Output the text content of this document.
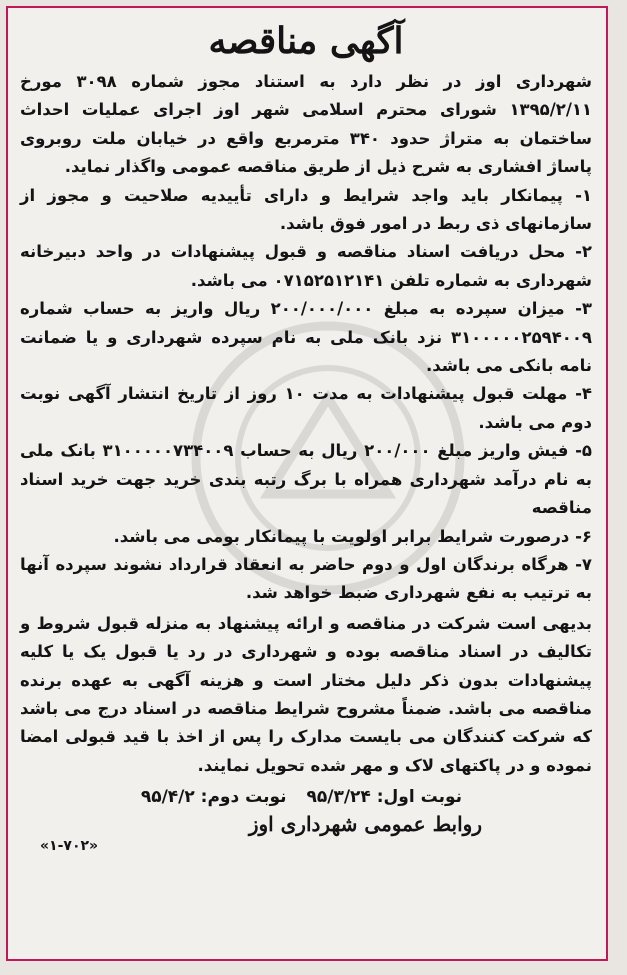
آگهی مناقصه

شهرداری اوز در نظر دارد به استناد مجوز شماره ۳۰۹۸ مورخ ۱۳۹۵/۲/۱۱ شورای محترم اسلامی شهر اوز اجرای عملیات احداث ساختمان به متراژ حدود ۳۴۰ مترمربع واقع در خیابان ملت روبروی پاساژ افشاری به شرح ذیل از طریق مناقصه عمومی واگذار نماید.

۱- پیمانکار باید واجد شرایط و دارای تأییدیه صلاحیت و مجوز از سازمانهای ذی ربط در امور فوق باشد.

۲- محل دریافت اسناد مناقصه و قبول پیشنهادات در واحد دبیرخانه شهرداری به شماره تلفن ۰۷۱۵۲۵۱۲۱۴۱ می باشد.

۳- میزان سپرده به مبلغ ۲۰۰/۰۰۰/۰۰۰ ریال واریز به حساب شماره ۳۱۰۰۰۰۰۲۵۹۴۰۰۹ نزد بانک ملی به نام سپرده شهرداری و یا ضمانت نامه بانکی می باشد.

۴- مهلت قبول پیشنهادات به مدت ۱۰ روز از تاریخ انتشار آگهی نوبت دوم می باشد.

۵- فیش واریز مبلغ ۲۰۰/۰۰۰ ریال به حساب ۳۱۰۰۰۰۰۷۳۴۰۰۹ بانک ملی به نام درآمد شهرداری همراه با برگ رتبه بندی خرید جهت خرید اسناد مناقصه

۶- درصورت شرایط برابر اولویت با پیمانکار بومی می باشد.

۷- هرگاه برندگان اول و دوم حاضر به انعقاد قرارداد نشوند سپرده آنها به ترتیب به نفع شهرداری ضبط خواهد شد.

بدیهی است شرکت در مناقصه و ارائه پیشنهاد به منزله قبول شروط و تکالیف در اسناد مناقصه بوده و شهرداری در رد یا قبول یک یا کلیه پیشنهادات بدون ذکر دلیل مختار است و هزینه آگهی به عهده برنده مناقصه می باشد. ضمناً مشروح شرایط مناقصه در اسناد درج می باشد که شرکت کنندگان می بایست مدارک را پس از اخذ با قید قبولی امضا نموده و در پاکتهای لاک و مهر شده تحویل نمایند.

نوبت اول: ۹۵/۳/۲۴ نوبت دوم: ۹۵/۴/۲
روابط عمومی شهرداری اوز
«۱-۷۰۲»
